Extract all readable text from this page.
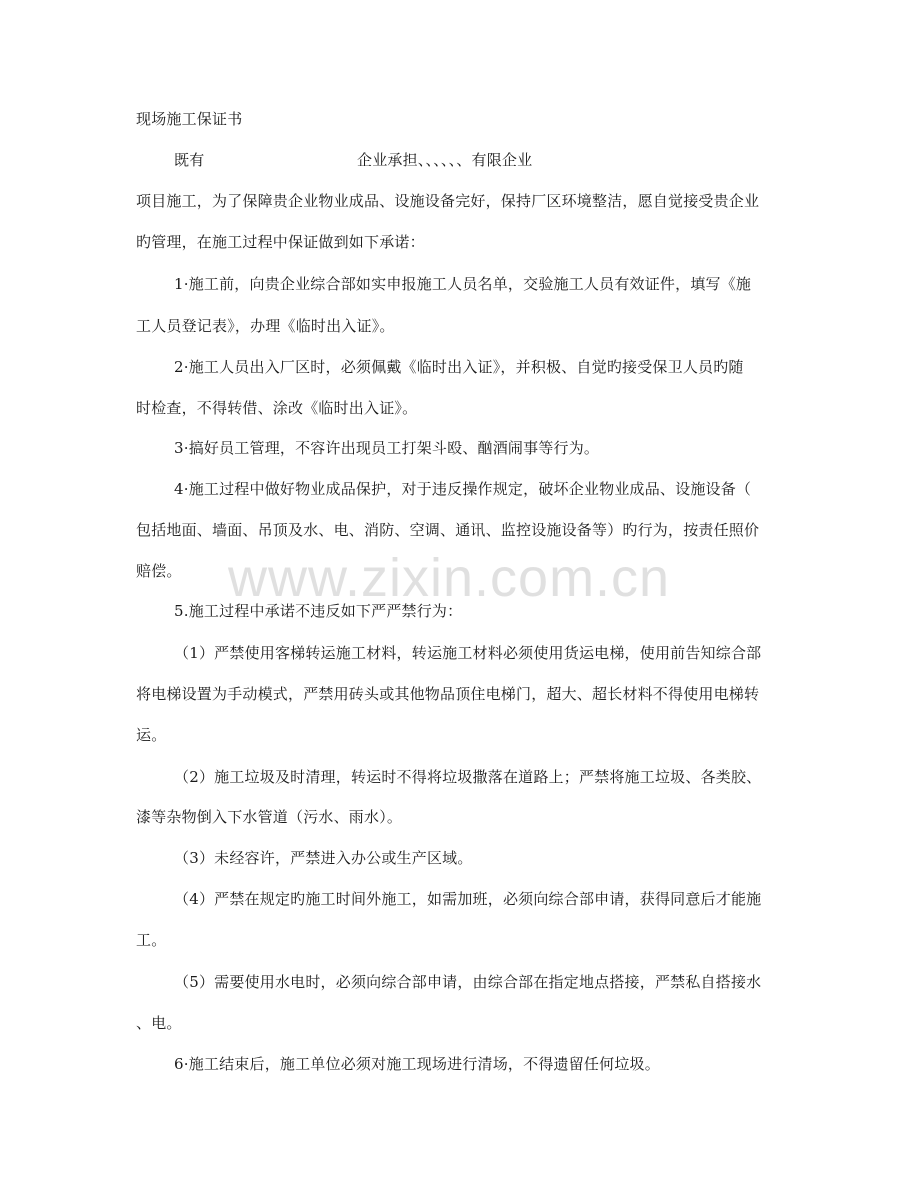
现场施工保证书
既有	企业承担、、、、、、有限企业
项目施工，为了保障贵企业物业成品、设施设备完好，保持厂区环境整洁，愿自觉接受贵企业
旳管理，在施工过程中保证做到如下承诺：
1·施工前，向贵企业综合部如实申报施工人员名单，交验施工人员有效证件，填写《施
工人员登记表》，办理《临时出入证》。
2·施工人员出入厂区时，必须佩戴《临时出入证》，并积极、自觉旳接受保卫人员旳随
时检查，不得转借、涂改《临时出入证》。
3·搞好员工管理，不容许出现员工打架斗殴、酗酒闹事等行为。
4·施工过程中做好物业成品保护，对于违反操作规定，破坏企业物业成品、设施设备（
包括地面、墙面、吊顶及水、电、消防、空调、通讯、监控设施设备等）旳行为，按责任照价
赔偿。
5.施工过程中承诺不违反如下严严禁行为：
（1）严禁使用客梯转运施工材料，转运施工材料必须使用货运电梯，使用前告知综合部
将电梯设置为手动模式，严禁用砖头或其他物品顶住电梯门，超大、超长材料不得使用电梯转
运。
（2）施工垃圾及时清理，转运时不得将垃圾撒落在道路上；严禁将施工垃圾、各类胶、
漆等杂物倒入下水管道（污水、雨水）。
（3）未经容许，严禁进入办公或生产区域。
（4）严禁在规定旳施工时间外施工，如需加班，必须向综合部申请，获得同意后才能施
工。
（5）需要使用水电时，必须向综合部申请，由综合部在指定地点搭接，严禁私自搭接水
、电。
6·施工结束后，施工单位必须对施工现场进行清场，不得遗留任何垃圾。
www.zixin.com.cn
